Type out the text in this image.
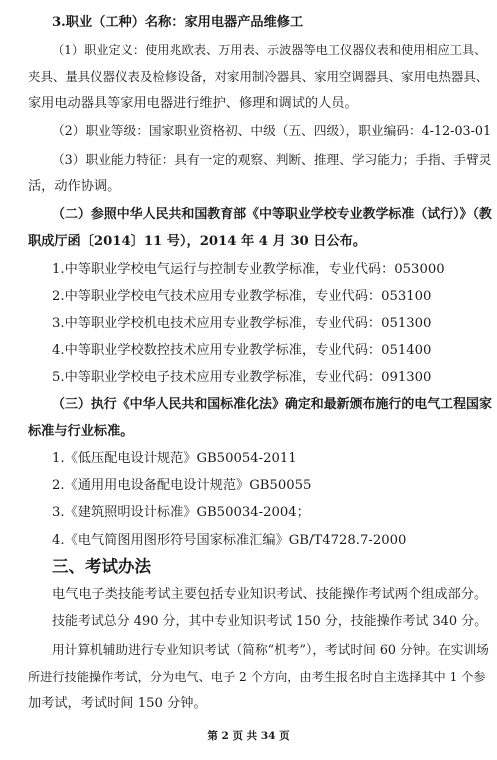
3.职业（工种）名称：家用电器产品维修工
（1）职业定义：使用兆欧表、万用表、示波器等电工仪器仪表和使用相应工具、
夹具、量具仪器仪表及检修设备，对家用制冷器具、家用空调器具、家用电热器具、
家用电动器具等家用电器进行维护、修理和调试的人员。
（2）职业等级：国家职业资格初、中级（五、四级），职业编码：4-12-03-01
（3）职业能力特征：具有一定的观察、判断、推理、学习能力；手指、手臂灵
活，动作协调。
（二）参照中华人民共和国教育部《中等职业学校专业教学标准（试行）》（教
职成厅函〔2014〕11 号），2014 年 4 月 30 日公布。
1.中等职业学校电气运行与控制专业教学标准，专业代码：053000
2.中等职业学校电气技术应用专业教学标准，专业代码：053100
3.中等职业学校机电技术应用专业教学标准，专业代码：051300
4.中等职业学校数控技术应用专业教学标准，专业代码：051400
5.中等职业学校电子技术应用专业教学标准，专业代码：091300
（三）执行《中华人民共和国标准化法》确定和最新颁布施行的电气工程国家
标准与行业标准。
1.《低压配电设计规范》GB50054-2011
2.《通用用电设备配电设计规范》GB50055
3.《建筑照明设计标准》GB50034-2004；
4.《电气简图用图形符号国家标准汇编》GB/T4728.7-2000
三、考试办法
电气电子类技能考试主要包括专业知识考试、技能操作考试两个组成部分。
技能考试总分 490 分，其中专业知识考试 150 分，技能操作考试 340 分。
用计算机辅助进行专业知识考试（简称“机考”），考试时间 60 分钟。在实训场
所进行技能操作考试，分为电气、电子 2 个方向，由考生报名时自主选择其中 1 个参
加考试，考试时间 150 分钟。
第 2 页 共 34 页
